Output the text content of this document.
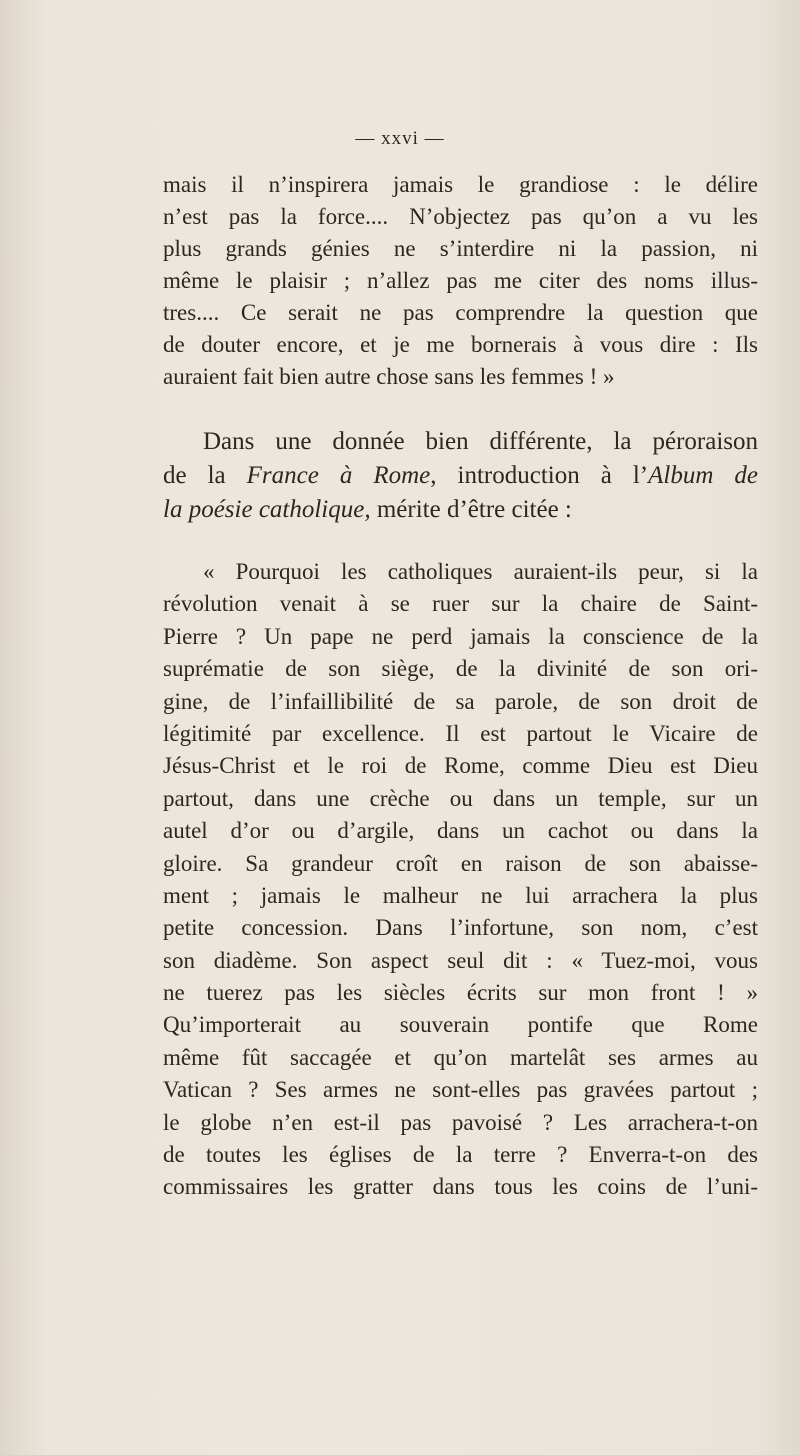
— xxvi —
mais il n’inspirera jamais le grandiose : le délire
n’est pas la force.... N’objectez pas qu’on a vu les
plus grands génies ne s’interdire ni la passion, ni
même le plaisir ; n’allez pas me citer des noms illus-
tres.... Ce serait ne pas comprendre la question que
de douter encore, et je me bornerais à vous dire : Ils
auraient fait bien autre chose sans les femmes ! »
Dans une donnée bien différente, la péroraison
de la France à Rome, introduction à l’Album de
la poésie catholique, mérite d’être citée :
« Pourquoi les catholiques auraient-ils peur, si la
révolution venait à se ruer sur la chaire de Saint-
Pierre ? Un pape ne perd jamais la conscience de la
suprématie de son siège, de la divinité de son ori-
gine, de l’infaillibilité de sa parole, de son droit de
légitimité par excellence. Il est partout le Vicaire de
Jésus-Christ et le roi de Rome, comme Dieu est Dieu
partout, dans une crèche ou dans un temple, sur un
autel d’or ou d’argile, dans un cachot ou dans la
gloire. Sa grandeur croît en raison de son abaisse-
ment ; jamais le malheur ne lui arrachera la plus
petite concession. Dans l’infortune, son nom, c’est
son diadème. Son aspect seul dit : « Tuez-moi, vous
ne tuerez pas les siècles écrits sur mon front ! »
Qu’importerait au souverain pontife que Rome
même fût saccagée et qu’on martelât ses armes au
Vatican ? Ses armes ne sont-elles pas gravées partout ;
le globe n’en est-il pas pavoisé ? Les arrachera-t-on
de toutes les églises de la terre ? Enverra-t-on des
commissaires les gratter dans tous les coins de l’uni-
